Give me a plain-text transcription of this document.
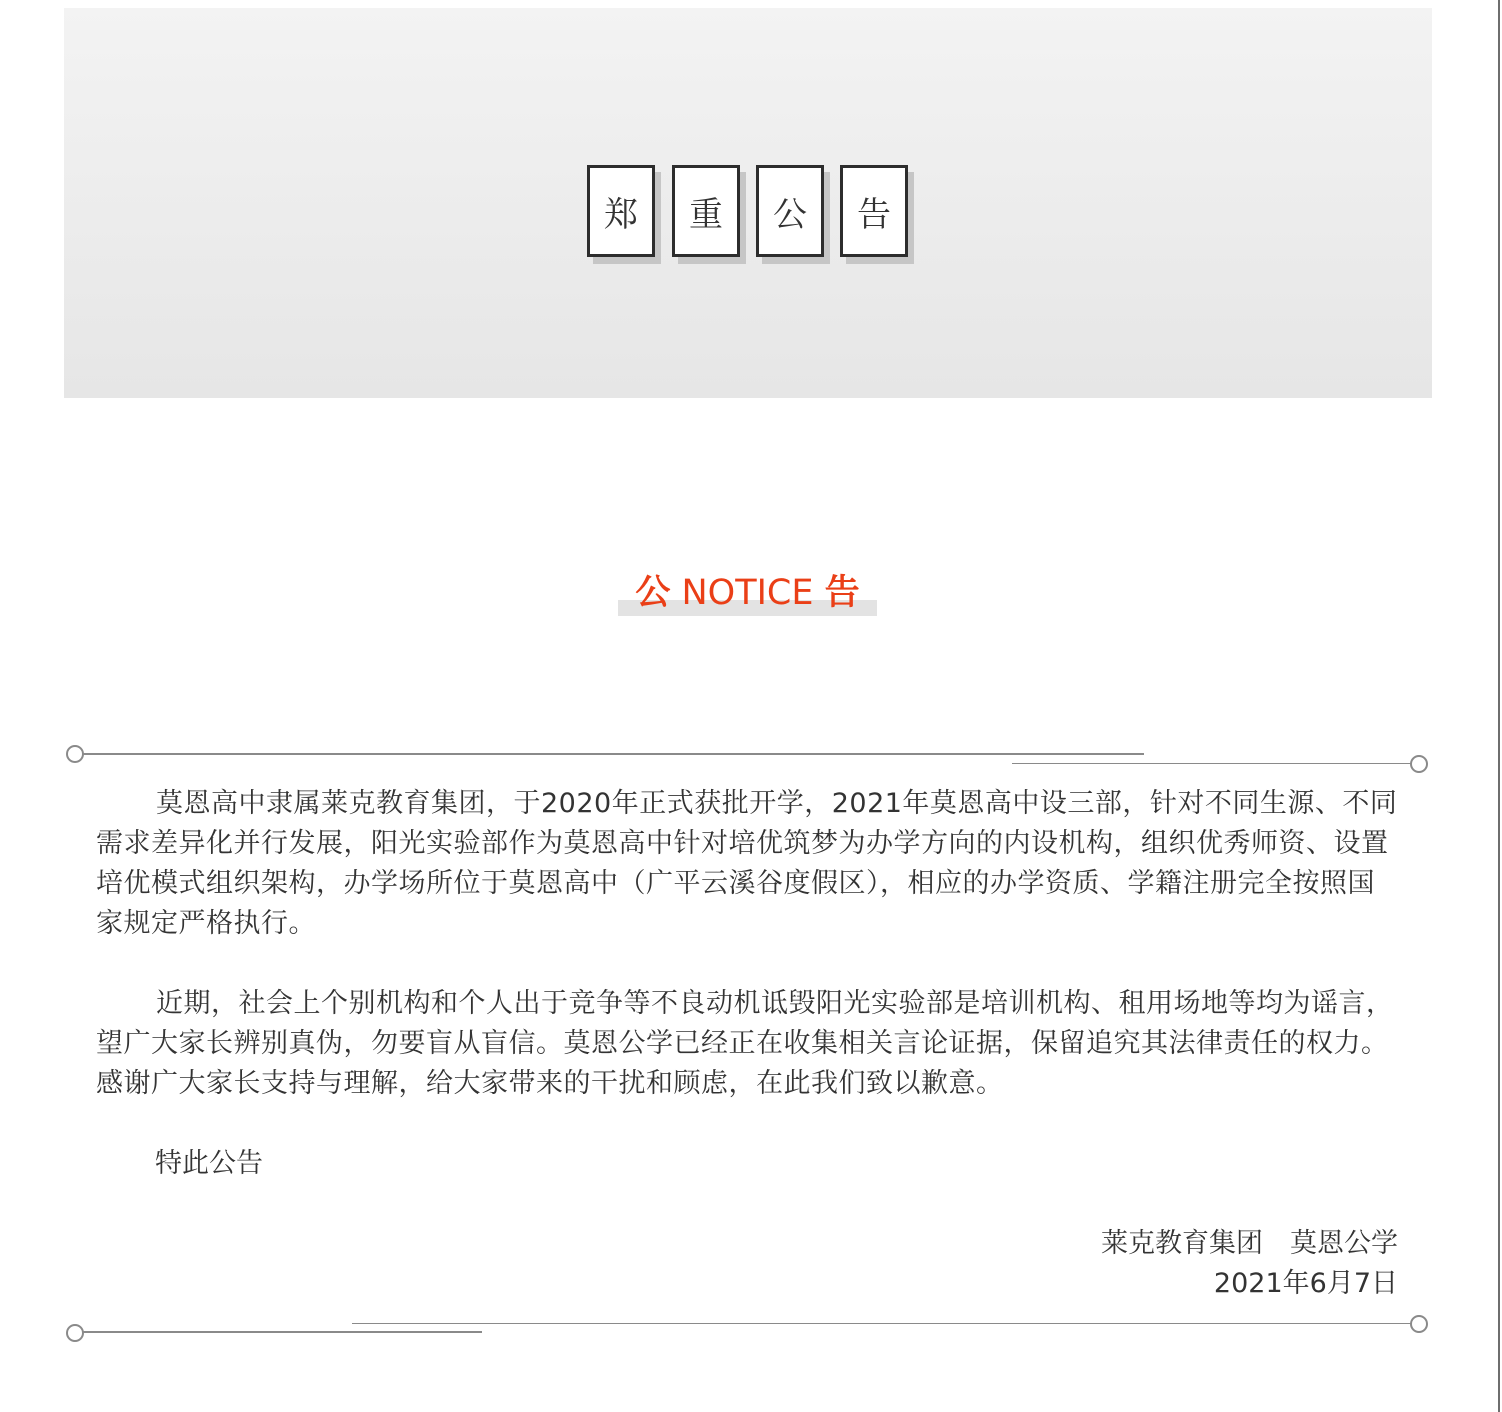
郑	重	公	告
公 NOTICE 告

莫恩高中隶属莱克教育集团，于2020年正式获批开学，2021年莫恩高中设三部，针对不同生源、不同需求差异化并行发展，阳光实验部作为莫恩高中针对培优筑梦为办学方向的内设机构，组织优秀师资、设置培优模式组织架构，办学场所位于莫恩高中（广平云溪谷度假区），相应的办学资质、学籍注册完全按照国家规定严格执行。

近期，社会上个别机构和个人出于竞争等不良动机诋毁阳光实验部是培训机构、租用场地等均为谣言，望广大家长辨别真伪，勿要盲从盲信。莫恩公学已经正在收集相关言论证据，保留追究其法律责任的权力。感谢广大家长支持与理解，给大家带来的干扰和顾虑，在此我们致以歉意。

特此公告
莱克教育集团　莫恩公学
2021年6月7日
